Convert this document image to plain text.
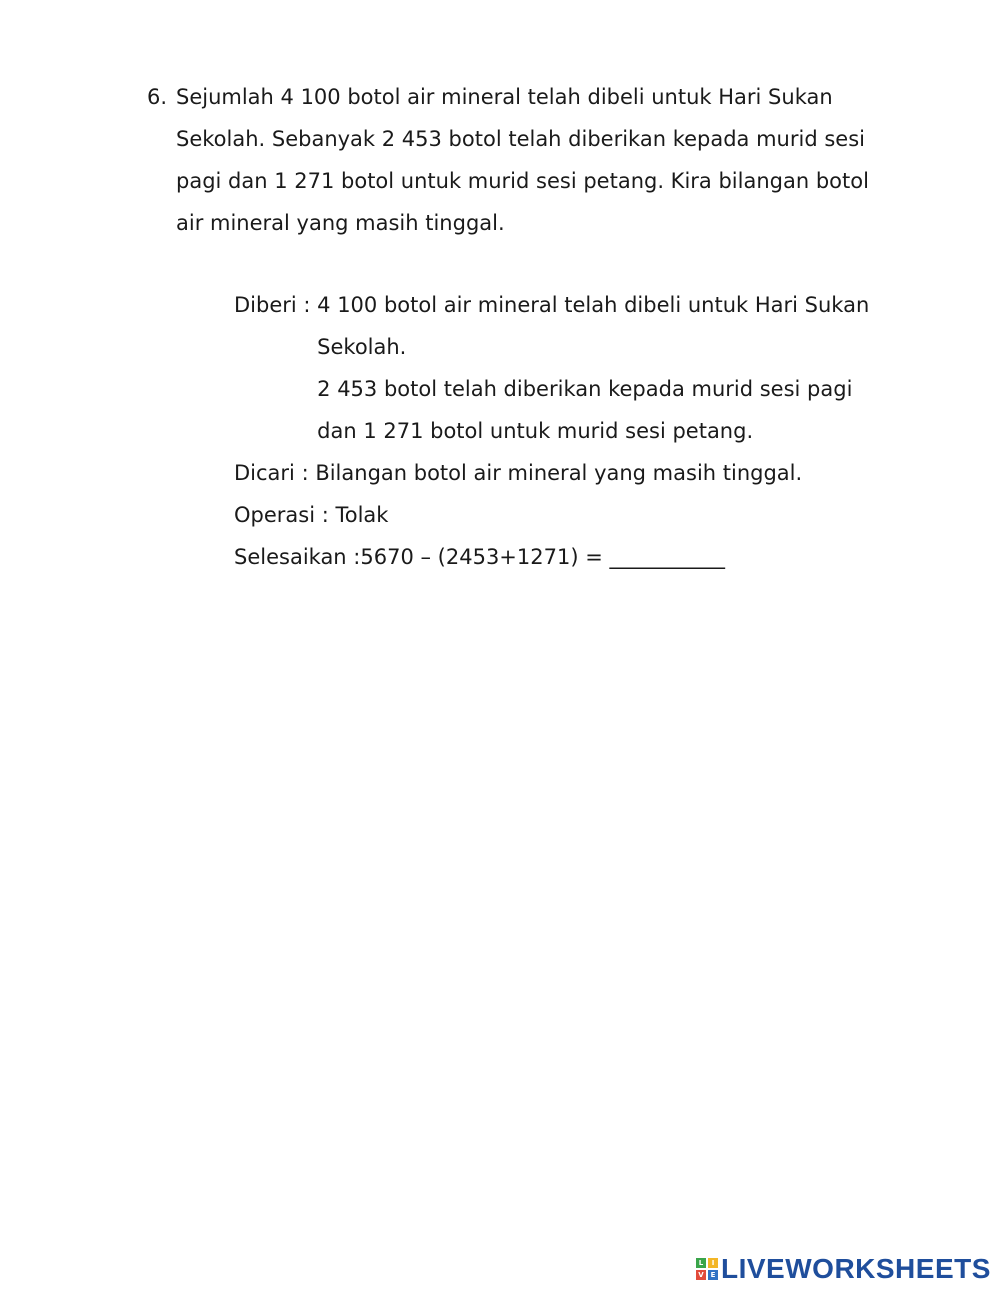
6. Sejumlah 4 100 botol air mineral telah dibeli untuk Hari Sukan Sekolah. Sebanyak 2 453 botol telah diberikan kepada murid sesi pagi dan 1 271 botol untuk murid sesi petang. Kira bilangan botol air mineral yang masih tinggal.
Diberi : 4 100 botol air mineral telah dibeli untuk Hari Sukan Sekolah.
2 453 botol telah diberikan kepada murid sesi pagi dan 1 271 botol untuk murid sesi petang.
Dicari : Bilangan botol air mineral yang masih tinggal.
Operasi : Tolak
Selesaikan :5670 – (2453+1271) = ___________
L	I
V E LIVEWORKSHEETS
